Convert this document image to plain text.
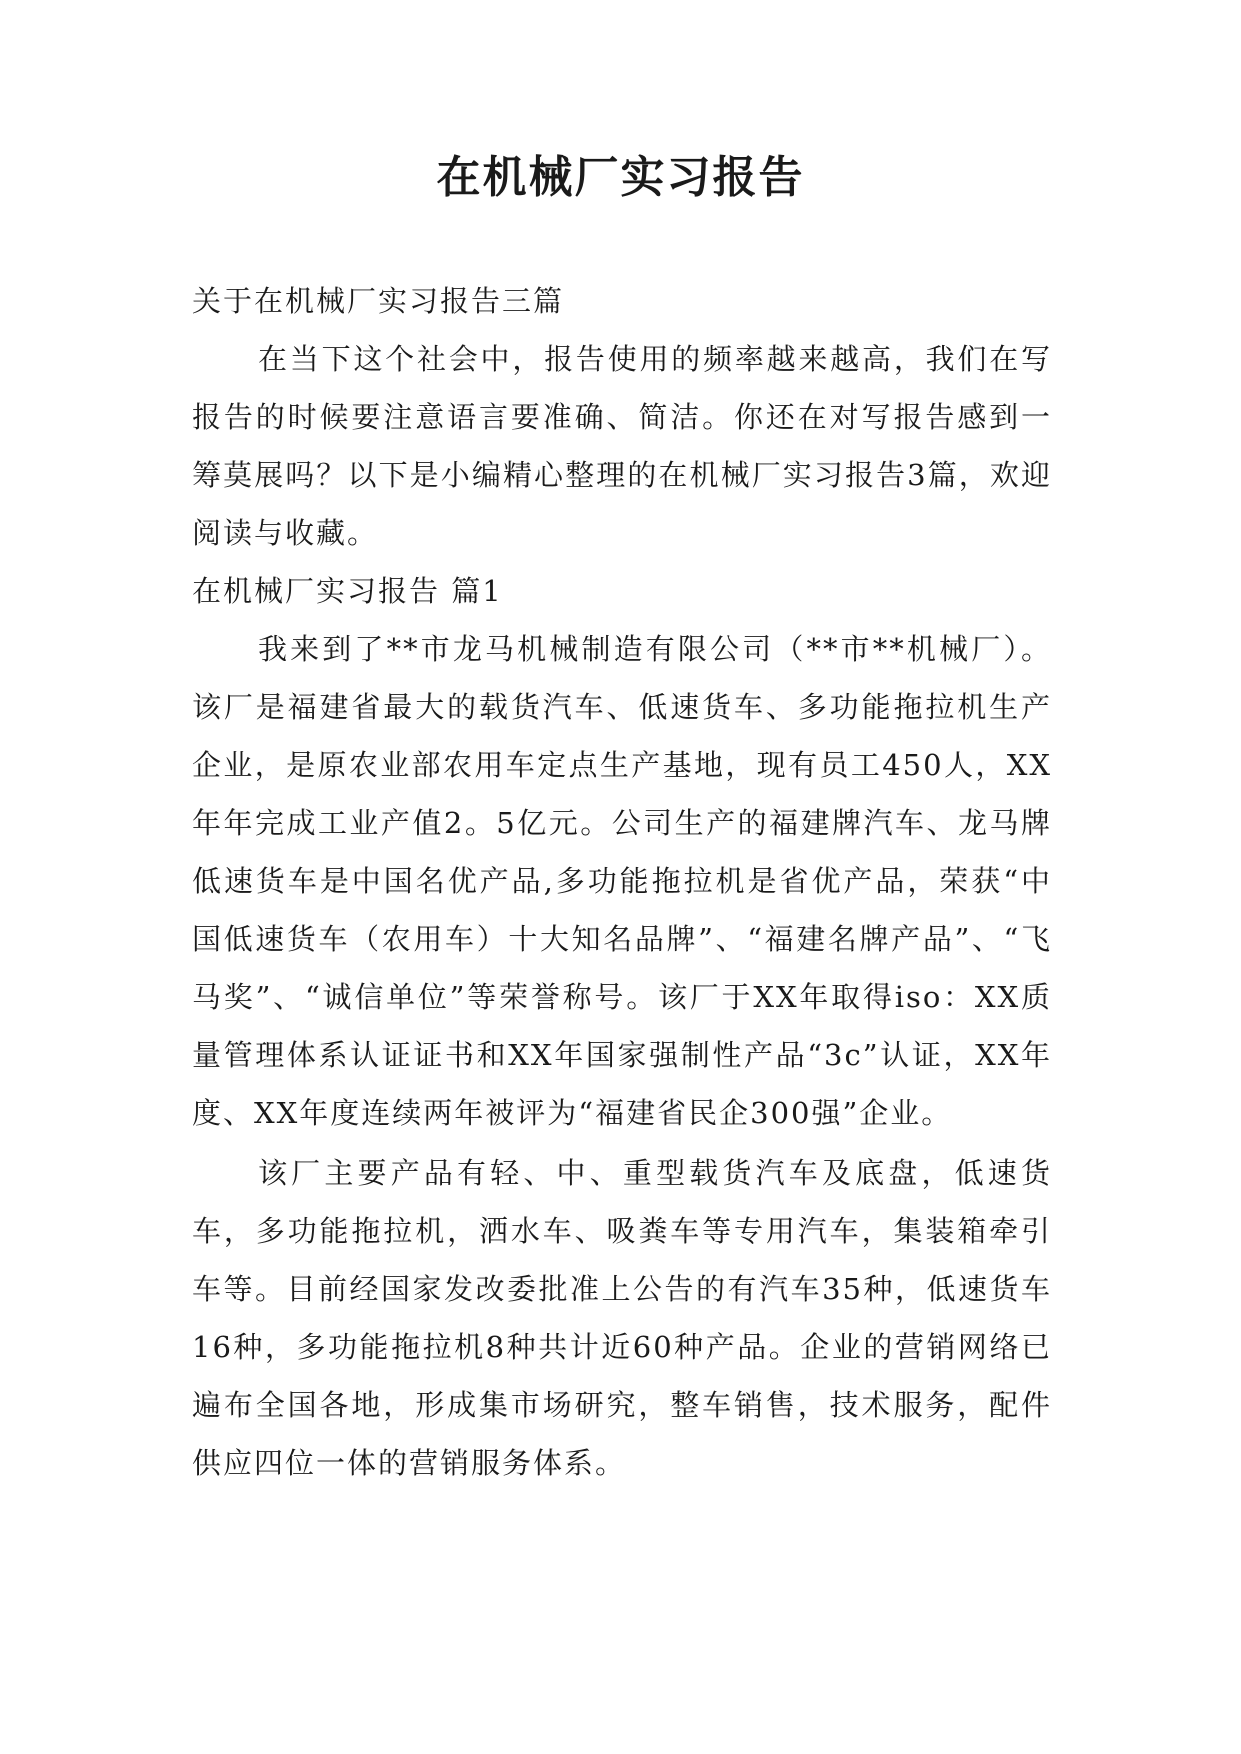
在机械厂实习报告

关于在机械厂实习报告三篇

在当下这个社会中，报告使用的频率越来越高，我们在写报告的时候要注意语言要准确、简洁。你还在对写报告感到一筹莫展吗？以下是小编精心整理的在机械厂实习报告3篇，欢迎阅读与收藏。

在机械厂实习报告 篇1

我来到了**市龙马机械制造有限公司（**市**机械厂）。该厂是福建省最大的载货汽车、低速货车、多功能拖拉机生产企业，是原农业部农用车定点生产基地，现有员工450人，XX年年完成工业产值2。5亿元。公司生产的福建牌汽车、龙马牌低速货车是中国名优产品,多功能拖拉机是省优产品，荣获“中国低速货车（农用车）十大知名品牌”、“福建名牌产品”、“飞马奖”、“诚信单位”等荣誉称号。该厂于XX年取得iso：XX质量管理体系认证证书和XX年国家强制性产品“3c”认证，XX年度、XX年度连续两年被评为“福建省民企300强”企业。

该厂主要产品有轻、中、重型载货汽车及底盘，低速货车，多功能拖拉机，洒水车、吸粪车等专用汽车，集装箱牵引车等。目前经国家发改委批准上公告的有汽车35种，低速货车16种，多功能拖拉机8种共计近60种产品。企业的营销网络已遍布全国各地，形成集市场研究，整车销售，技术服务，配件供应四位一体的营销服务体系。
